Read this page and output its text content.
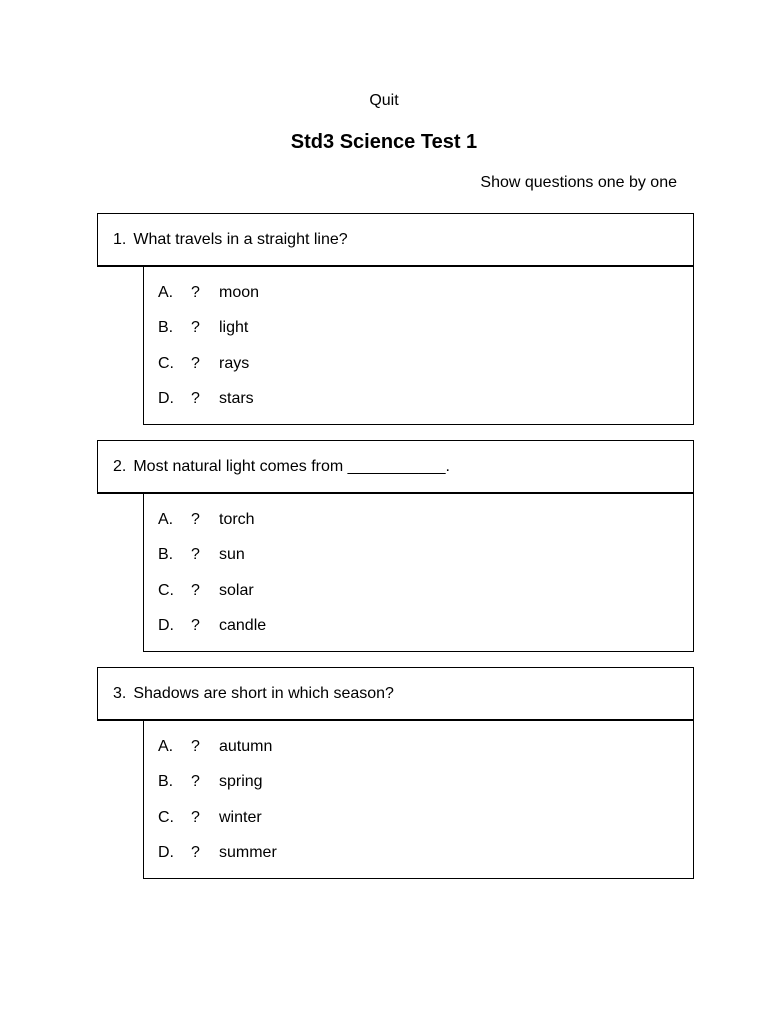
Quit
Std3 Science Test 1
Show questions one by one
1. What travels in a straight line?
A.	?	moon
B.	?	light
C.	?	rays
D.	?	stars
2. Most natural light comes from ___________.
A.	?	torch
B.	?	sun
C.	?	solar
D.	?	candle
3. Shadows are short in which season?
A.	?	autumn
B.	?	spring
C.	?	winter
D.	?	summer
